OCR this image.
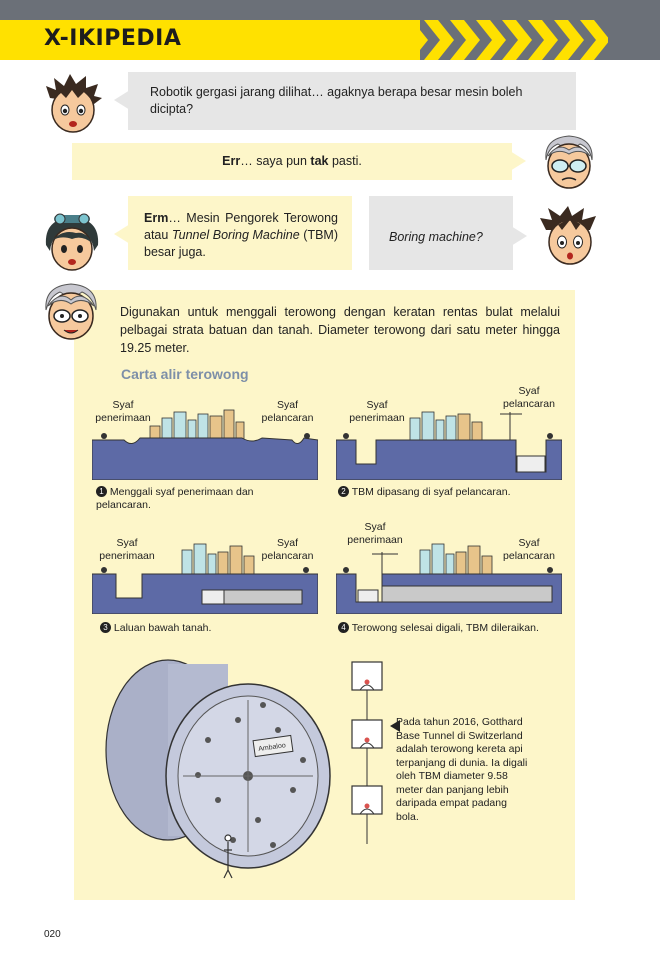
X-IKIPEDIA
Robotik gergasi jarang dilihat… agaknya berapa besar mesin boleh dicipta?
Err… saya pun tak pasti.
Erm… Mesin Pengorek Terowong atau Tunnel Boring Machine (TBM) besar juga.
Boring machine?
Digunakan untuk menggali terowong dengan keratan rentas bulat melalui pelbagai strata batuan dan tanah. Diameter terowong dari satu meter hingga 19.25 meter.
Carta alir terowong
Syaf penerimaan
Syaf pelancaran
1 Menggali syaf penerimaan dan pelancaran.
Syaf penerimaan
Syaf pelancaran
2 TBM dipasang di syaf pelancaran.
Syaf penerimaan
Syaf pelancaran
3 Laluan bawah tanah.
Syaf penerimaan	Syaf pelancaran
4 Terowong selesai digali, TBM dileraikan.
Ambaloo
Pada tahun 2016, Gotthard Base Tunnel di Switzerland adalah terowong kereta api terpanjang di dunia. Ia digali oleh TBM diameter 9.58 meter dan panjang lebih daripada empat padang bola.
020
